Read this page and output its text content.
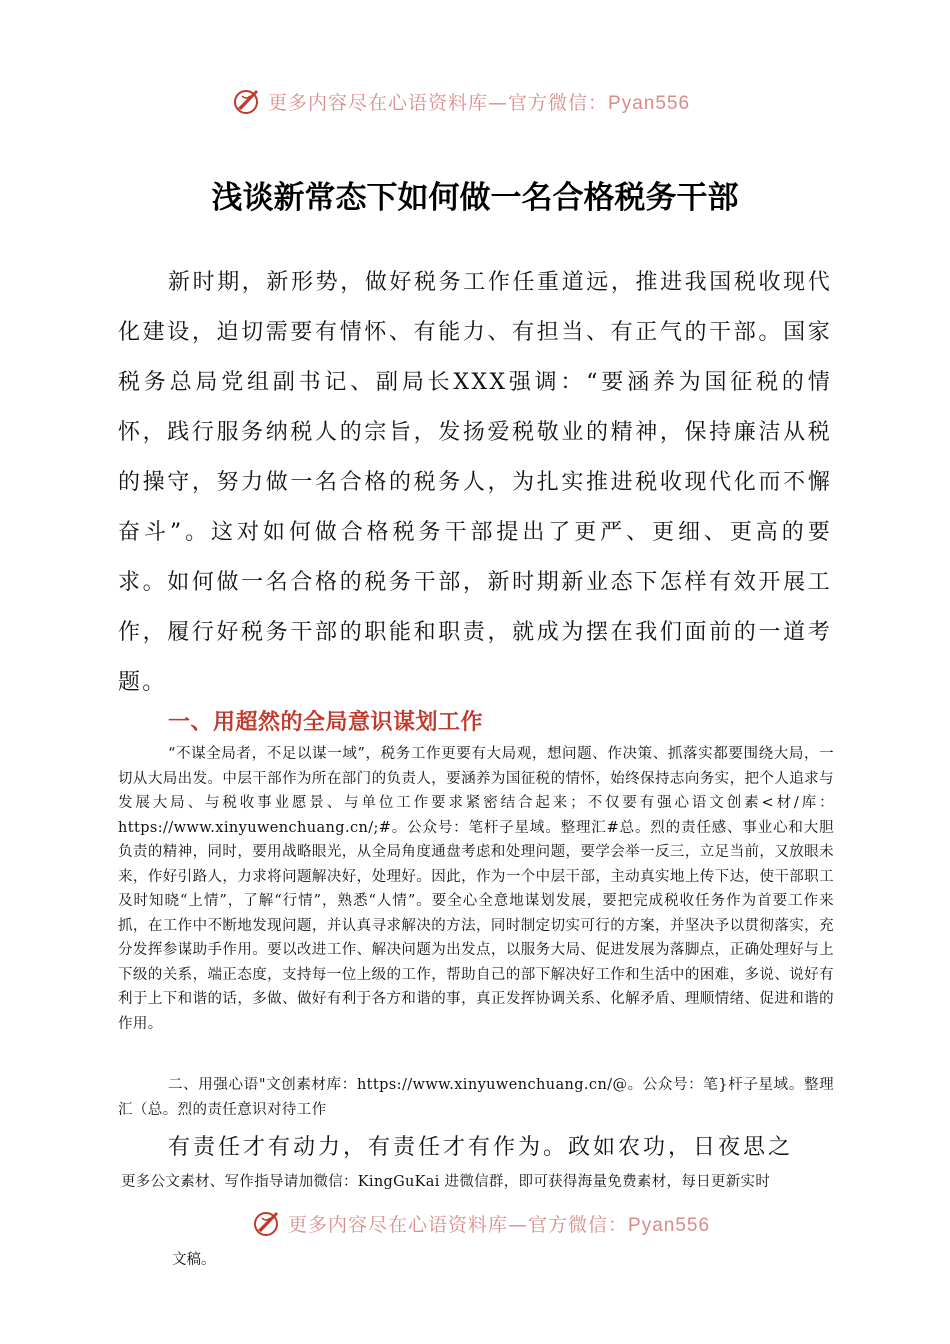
更多内容尽在心语资料库—官方微信：Pyan556
浅谈新常态下如何做一名合格税务干部

新时期，新形势，做好税务工作任重道远，推进我国税收现代化建设，迫切需要有情怀、有能力、有担当、有正气的干部。国家税务总局党组副书记、副局长XXX强调：“要涵养为国征税的情怀，践行服务纳税人的宗旨，发扬爱税敬业的精神，保持廉洁从税的操守，努力做一名合格的税务人，为扎实推进税收现代化而不懈奋斗”。这对如何做合格税务干部提出了更严、更细、更高的要求。如何做一名合格的税务干部，新时期新业态下怎样有效开展工作，履行好税务干部的职能和职责，就成为摆在我们面前的一道考题。

一、用超然的全局意识谋划工作

“不谋全局者，不足以谋一域”，税务工作更要有大局观，想问题、作决策、抓落实都要围绕大局，一切从大局出发。中层干部作为所在部门的负责人，要涵养为国征税的情怀，始终保持志向务实，把个人追求与发展大局、与税收事业愿景、与单位工作要求紧密结合起来；不仅要有强心语文创素<材/库：https://www.xinyuwenchuang.cn/;#。公众号：笔杆子星域。整理汇#总。烈的责任感、事业心和大胆负责的精神，同时，要用战略眼光，从全局角度通盘考虑和处理问题，要学会举一反三，立足当前，又放眼未来，作好引路人，力求将问题解决好，处理好。因此，作为一个中层干部，主动真实地上传下达，使干部职工及时知晓“上情”，了解“行情”，熟悉“人情”。要全心全意地谋划发展，要把完成税收任务作为首要工作来抓，在工作中不断地发现问题，并认真寻求解决的方法，同时制定切实可行的方案，并坚决予以贯彻落实，充分发挥参谋助手作用。要以改进工作、解决问题为出发点，以服务大局、促进发展为落脚点，正确处理好与上下级的关系，端正态度，支持每一位上级的工作，帮助自己的部下解决好工作和生活中的困难，多说、说好有利于上下和谐的话，多做、做好有利于各方和谐的事，真正发挥协调关系、化解矛盾、理顺情绪、促进和谐的作用。

二、用强心语"文创素材库：https://www.xinyuwenchuang.cn/@。公众号：笔}杆子星域。整理汇（总。烈的责任意识对待工作

有责任才有动力，有责任才有作为。政如农功，日夜思之
更多公文素材、写作指导请加微信：KingGuKai 进微信群，即可获得海量免费素材，每日更新实时
更多内容尽在心语资料库—官方微信：Pyan556
文稿。
